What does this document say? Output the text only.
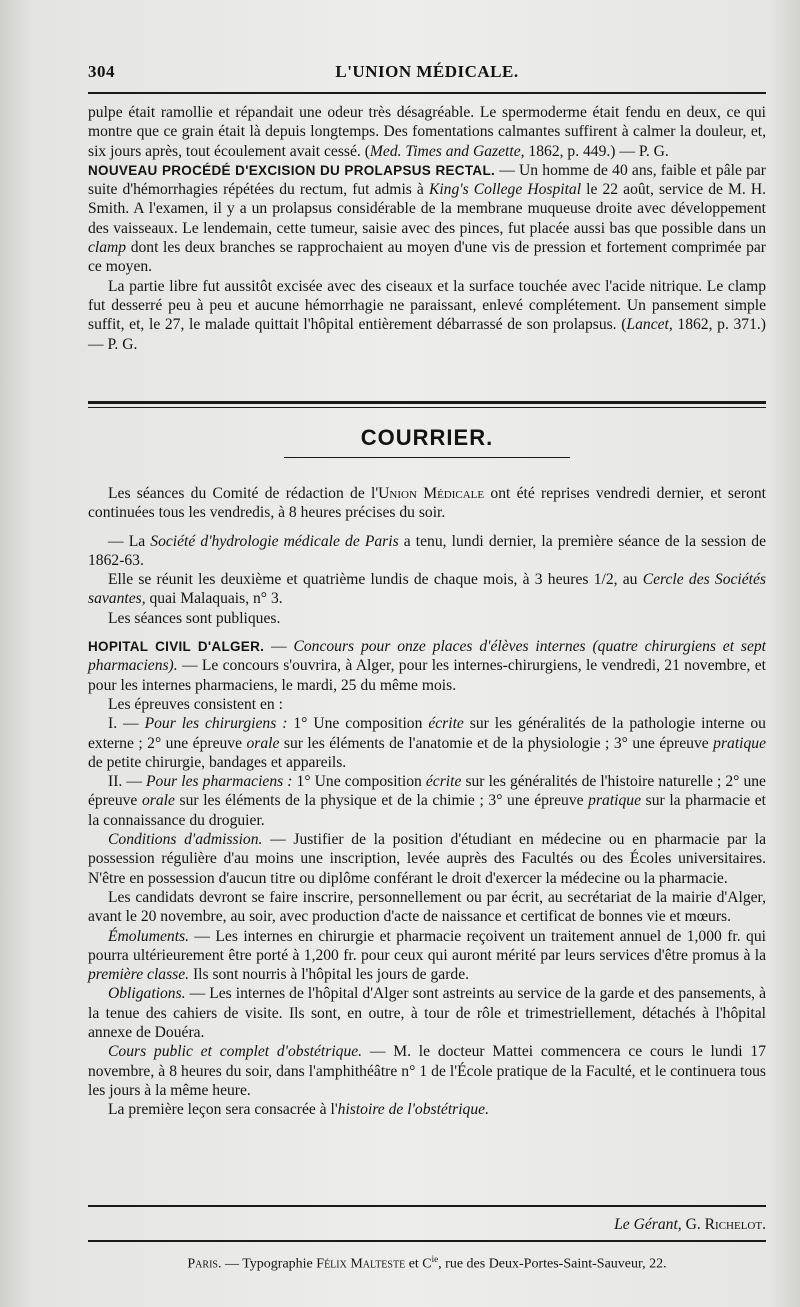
304	L'UNION MÉDICALE.

pulpe était ramollie et répandait une odeur très désagréable. Le spermoderme était fendu en deux, ce qui montre que ce grain était là depuis longtemps. Des fomentations calmantes suffirent à calmer la douleur, et, six jours après, tout écoulement avait cessé. (Med. Times and Gazette, 1862, p. 449.) — P. G.

NOUVEAU PROCÉDÉ D'EXCISION DU PROLAPSUS RECTAL. — Un homme de 40 ans, faible et pâle par suite d'hémorrhagies répétées du rectum, fut admis à King's College Hospital le 22 août, service de M. H. Smith. A l'examen, il y a un prolapsus considérable de la membrane muqueuse droite avec développement des vaisseaux. Le lendemain, cette tumeur, saisie avec des pinces, fut placée aussi bas que possible dans un clamp dont les deux branches se rapprochaient au moyen d'une vis de pression et fortement comprimée par ce moyen.

La partie libre fut aussitôt excisée avec des ciseaux et la surface touchée avec l'acide nitrique. Le clamp fut desserré peu à peu et aucune hémorrhagie ne paraissant, enlevé complétement. Un pansement simple suffit, et, le 27, le malade quittait l'hôpital entièrement débarrassé de son prolapsus. (Lancet, 1862, p. 371.) — P. G.

COURRIER.

Les séances du Comité de rédaction de l'Union Médicale ont été reprises vendredi dernier, et seront continuées tous les vendredis, à 8 heures précises du soir.

— La Société d'hydrologie médicale de Paris a tenu, lundi dernier, la première séance de la session de 1862-63.

Elle se réunit les deuxième et quatrième lundis de chaque mois, à 3 heures 1/2, au Cercle des Sociétés savantes, quai Malaquais, n° 3.

Les séances sont publiques.

HOPITAL CIVIL D'ALGER. — Concours pour onze places d'élèves internes (quatre chirurgiens et sept pharmaciens). — Le concours s'ouvrira, à Alger, pour les internes-chirurgiens, le vendredi, 21 novembre, et pour les internes pharmaciens, le mardi, 25 du même mois.

Les épreuves consistent en :

I. — Pour les chirurgiens : 1° Une composition écrite sur les généralités de la pathologie interne ou externe ; 2° une épreuve orale sur les éléments de l'anatomie et de la physiologie ; 3° une épreuve pratique de petite chirurgie, bandages et appareils.

II. — Pour les pharmaciens : 1° Une composition écrite sur les généralités de l'histoire naturelle ; 2° une épreuve orale sur les éléments de la physique et de la chimie ; 3° une épreuve pratique sur la pharmacie et la connaissance du droguier.

Conditions d'admission. — Justifier de la position d'étudiant en médecine ou en pharmacie par la possession régulière d'au moins une inscription, levée auprès des Facultés ou des Écoles universitaires. N'être en possession d'aucun titre ou diplôme conférant le droit d'exercer la médecine ou la pharmacie.

Les candidats devront se faire inscrire, personnellement ou par écrit, au secrétariat de la mairie d'Alger, avant le 20 novembre, au soir, avec production d'acte de naissance et certificat de bonnes vie et mœurs.

Émoluments. — Les internes en chirurgie et pharmacie reçoivent un traitement annuel de 1,000 fr. qui pourra ultérieurement être porté à 1,200 fr. pour ceux qui auront mérité par leurs services d'être promus à la première classe. Ils sont nourris à l'hôpital les jours de garde.

Obligations. — Les internes de l'hôpital d'Alger sont astreints au service de la garde et des pansements, à la tenue des cahiers de visite. Ils sont, en outre, à tour de rôle et trimestriellement, détachés à l'hôpital annexe de Douéra.

Cours public et complet d'obstétrique. — M. le docteur Mattei commencera ce cours le lundi 17 novembre, à 8 heures du soir, dans l'amphithéâtre n° 1 de l'École pratique de la Faculté, et le continuera tous les jours à la même heure.

La première leçon sera consacrée à l'histoire de l'obstétrique.

Le Gérant, G. Richelot.
Paris. — Typographie Félix Malteste et $C^{ie}$, rue des Deux-Portes-Saint-Sauveur, 22.
